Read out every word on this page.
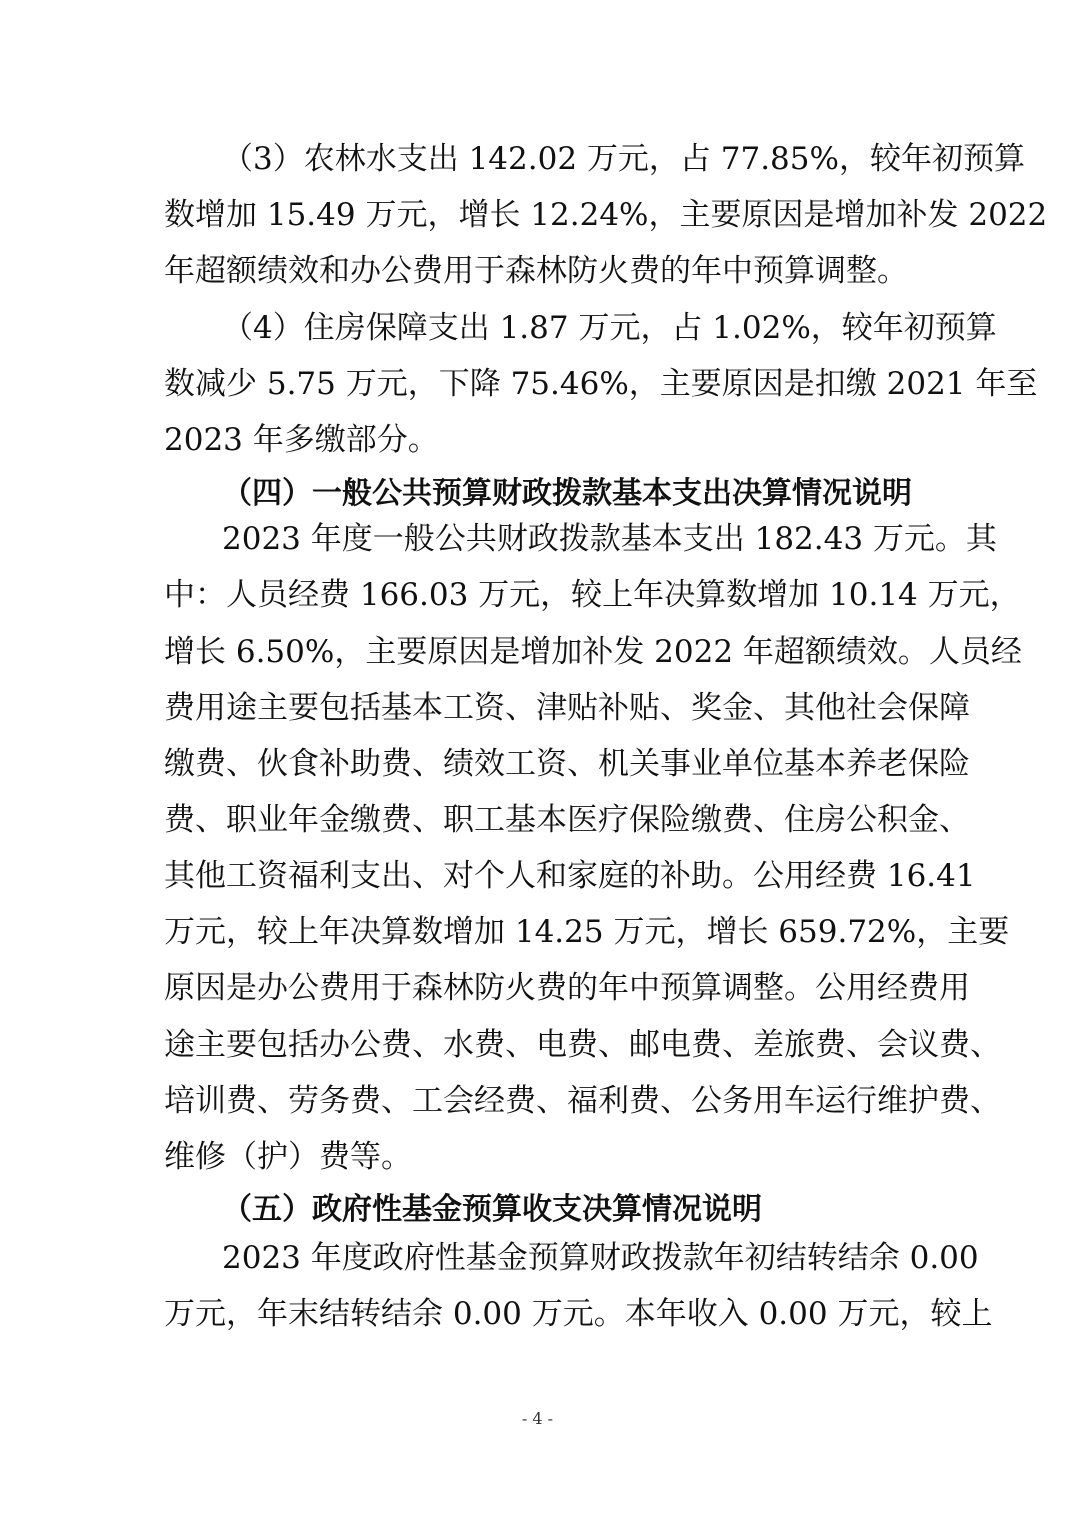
（3）农林水支出 142.02 万元，占 77.85%，较年初预算
数增加 15.49 万元，增长 12.24%，主要原因是增加补发 2022
年超额绩效和办公费用于森林防火费的年中预算调整。
（4）住房保障支出 1.87 万元，占 1.02%，较年初预算
数减少 5.75 万元，下降 75.46%，主要原因是扣缴 2021 年至
2023 年多缴部分。
（四）一般公共预算财政拨款基本支出决算情况说明
2023 年度一般公共财政拨款基本支出 182.43 万元。其
中：人员经费 166.03 万元，较上年决算数增加 10.14 万元，
增长 6.50%，主要原因是增加补发 2022 年超额绩效。人员经
费用途主要包括基本工资、津贴补贴、奖金、其他社会保障
缴费、伙食补助费、绩效工资、机关事业单位基本养老保险
费、职业年金缴费、职工基本医疗保险缴费、住房公积金、
其他工资福利支出、对个人和家庭的补助。公用经费 16.41
万元，较上年决算数增加 14.25 万元，增长 659.72%，主要
原因是办公费用于森林防火费的年中预算调整。公用经费用
途主要包括办公费、水费、电费、邮电费、差旅费、会议费、
培训费、劳务费、工会经费、福利费、公务用车运行维护费、
维修（护）费等。
（五）政府性基金预算收支决算情况说明
2023 年度政府性基金预算财政拨款年初结转结余 0.00
万元，年末结转结余 0.00 万元。本年收入 0.00 万元，较上
- 4 -
